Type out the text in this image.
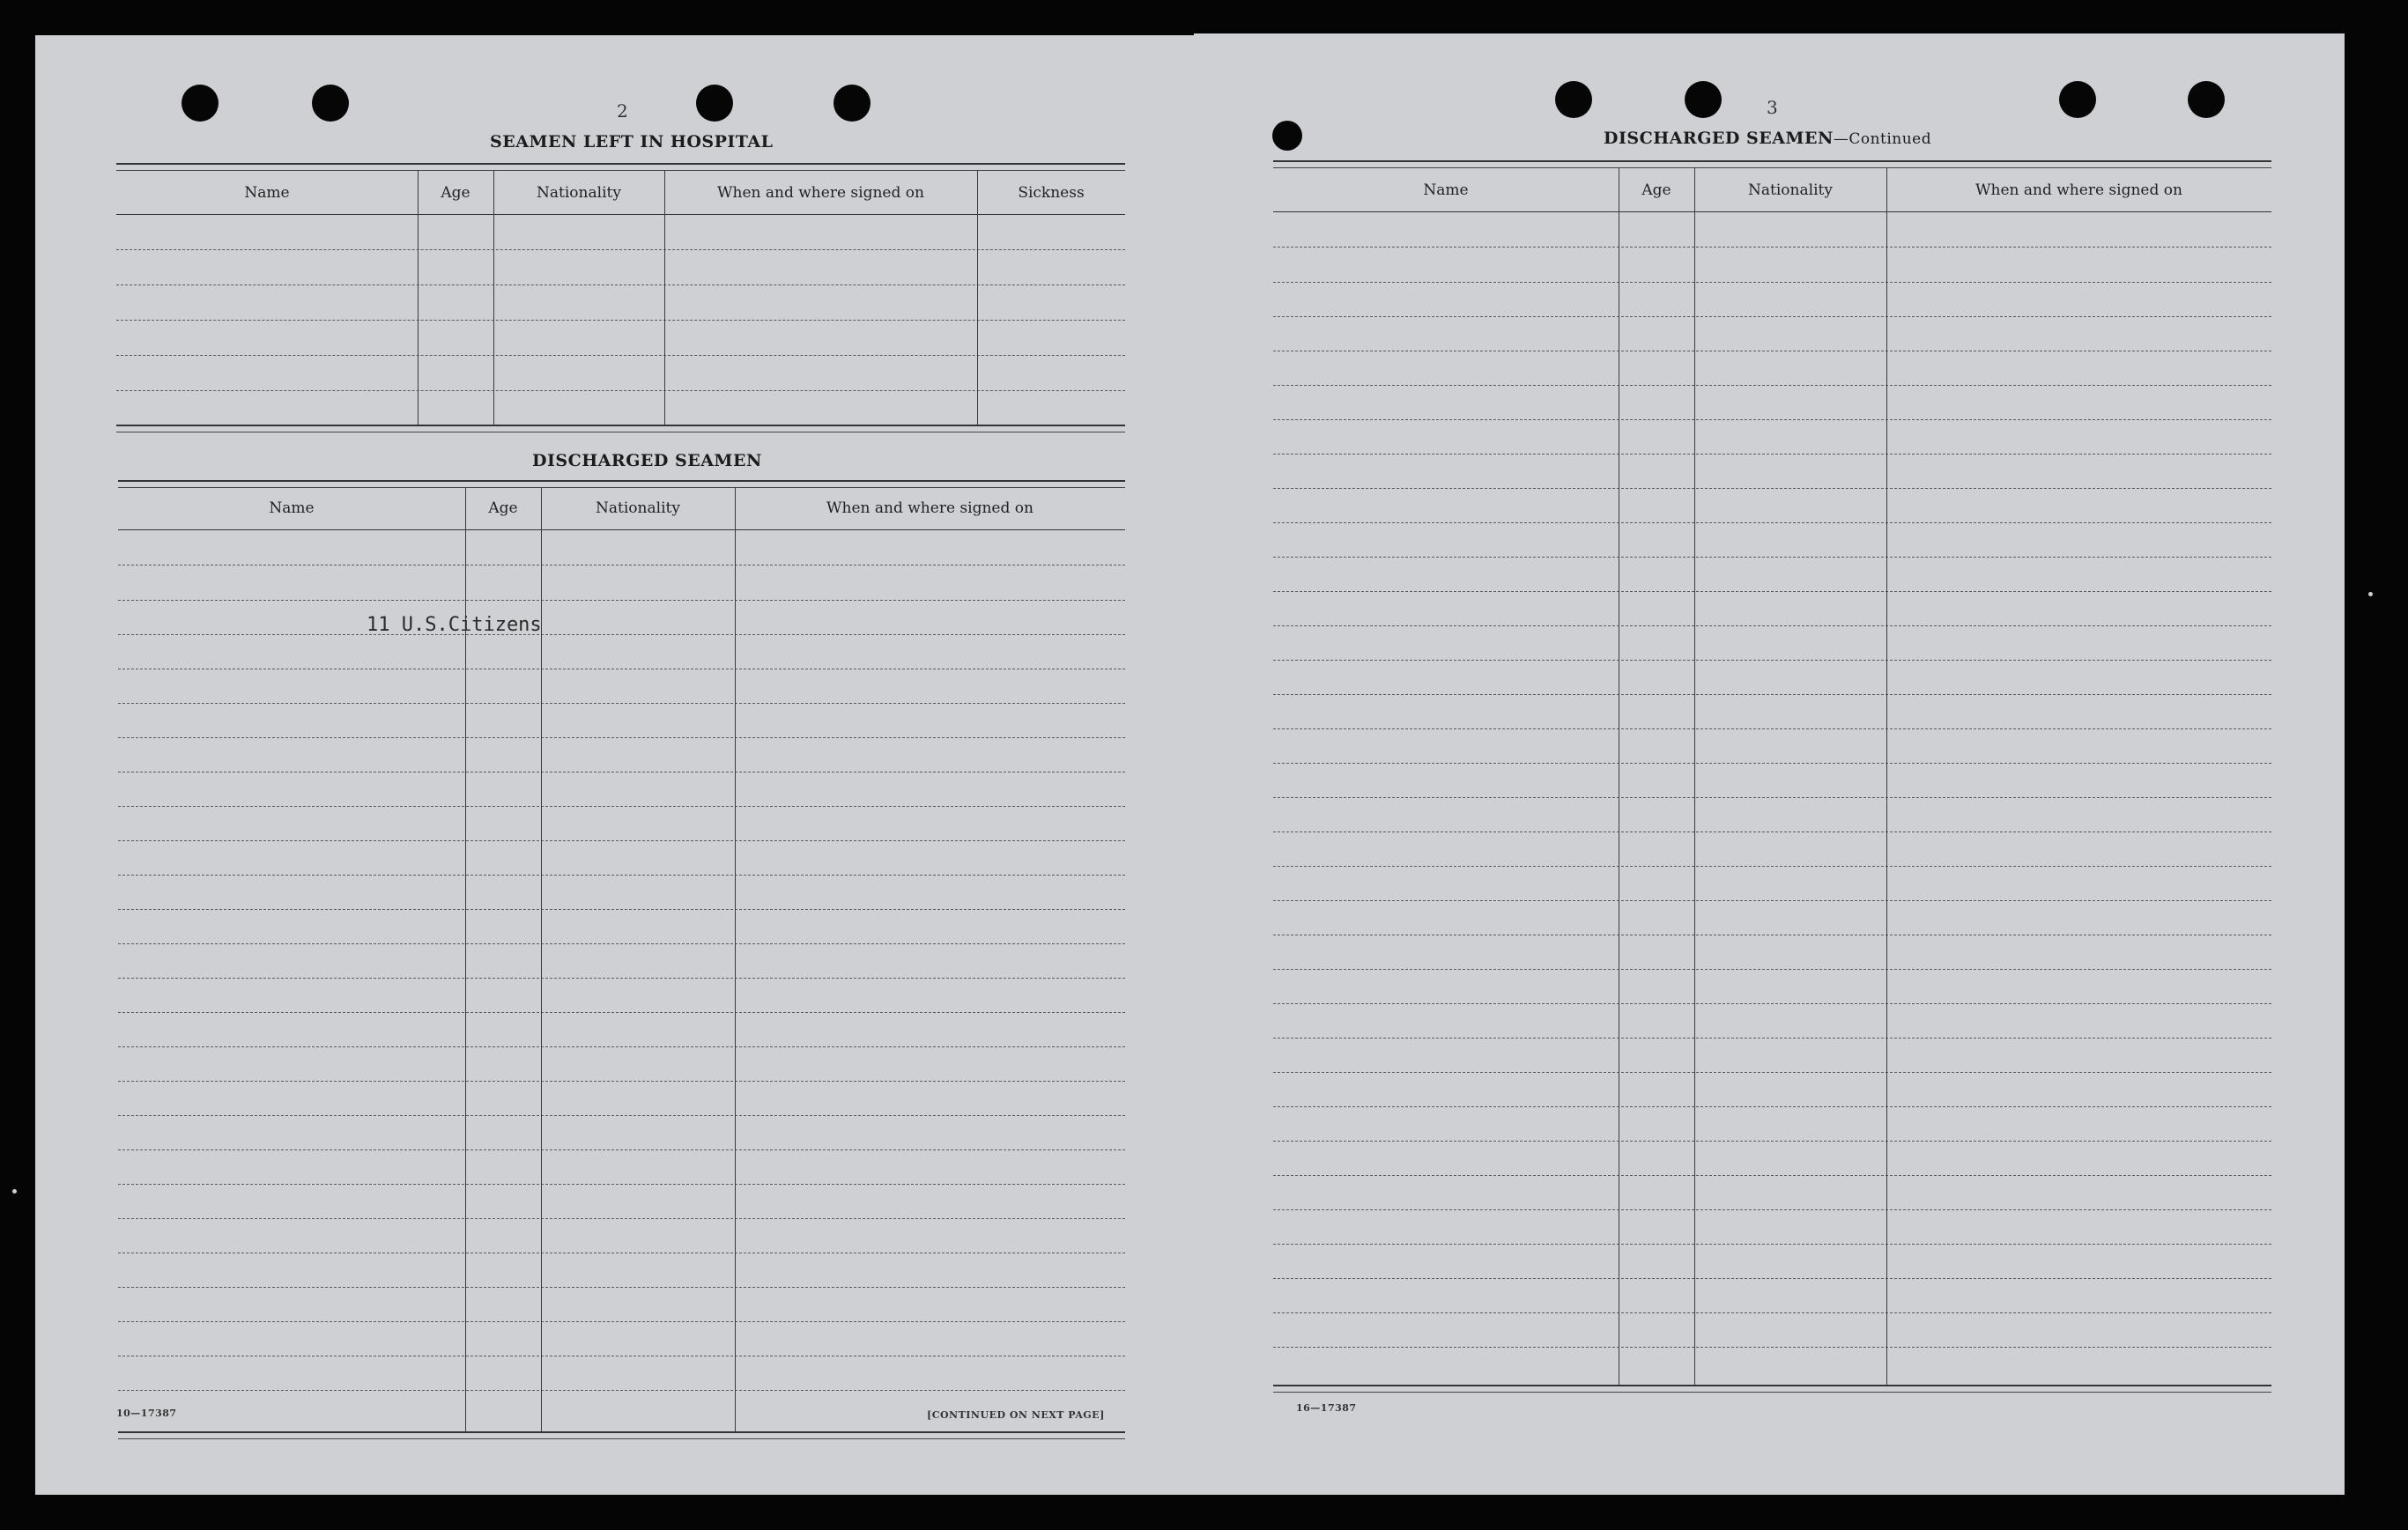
2
SEAMEN LEFT IN HOSPITAL
Name	Age	Nationality	When and where signed on	Sickness
DISCHARGED SEAMEN
Name	Age	Nationality	When and where signed on
11 U.S.Citizens
10—17387	[CONTINUED ON NEXT PAGE]
3
DISCHARGED SEAMEN—Continued
Name	Age	Nationality	When and where signed on
16—17387
